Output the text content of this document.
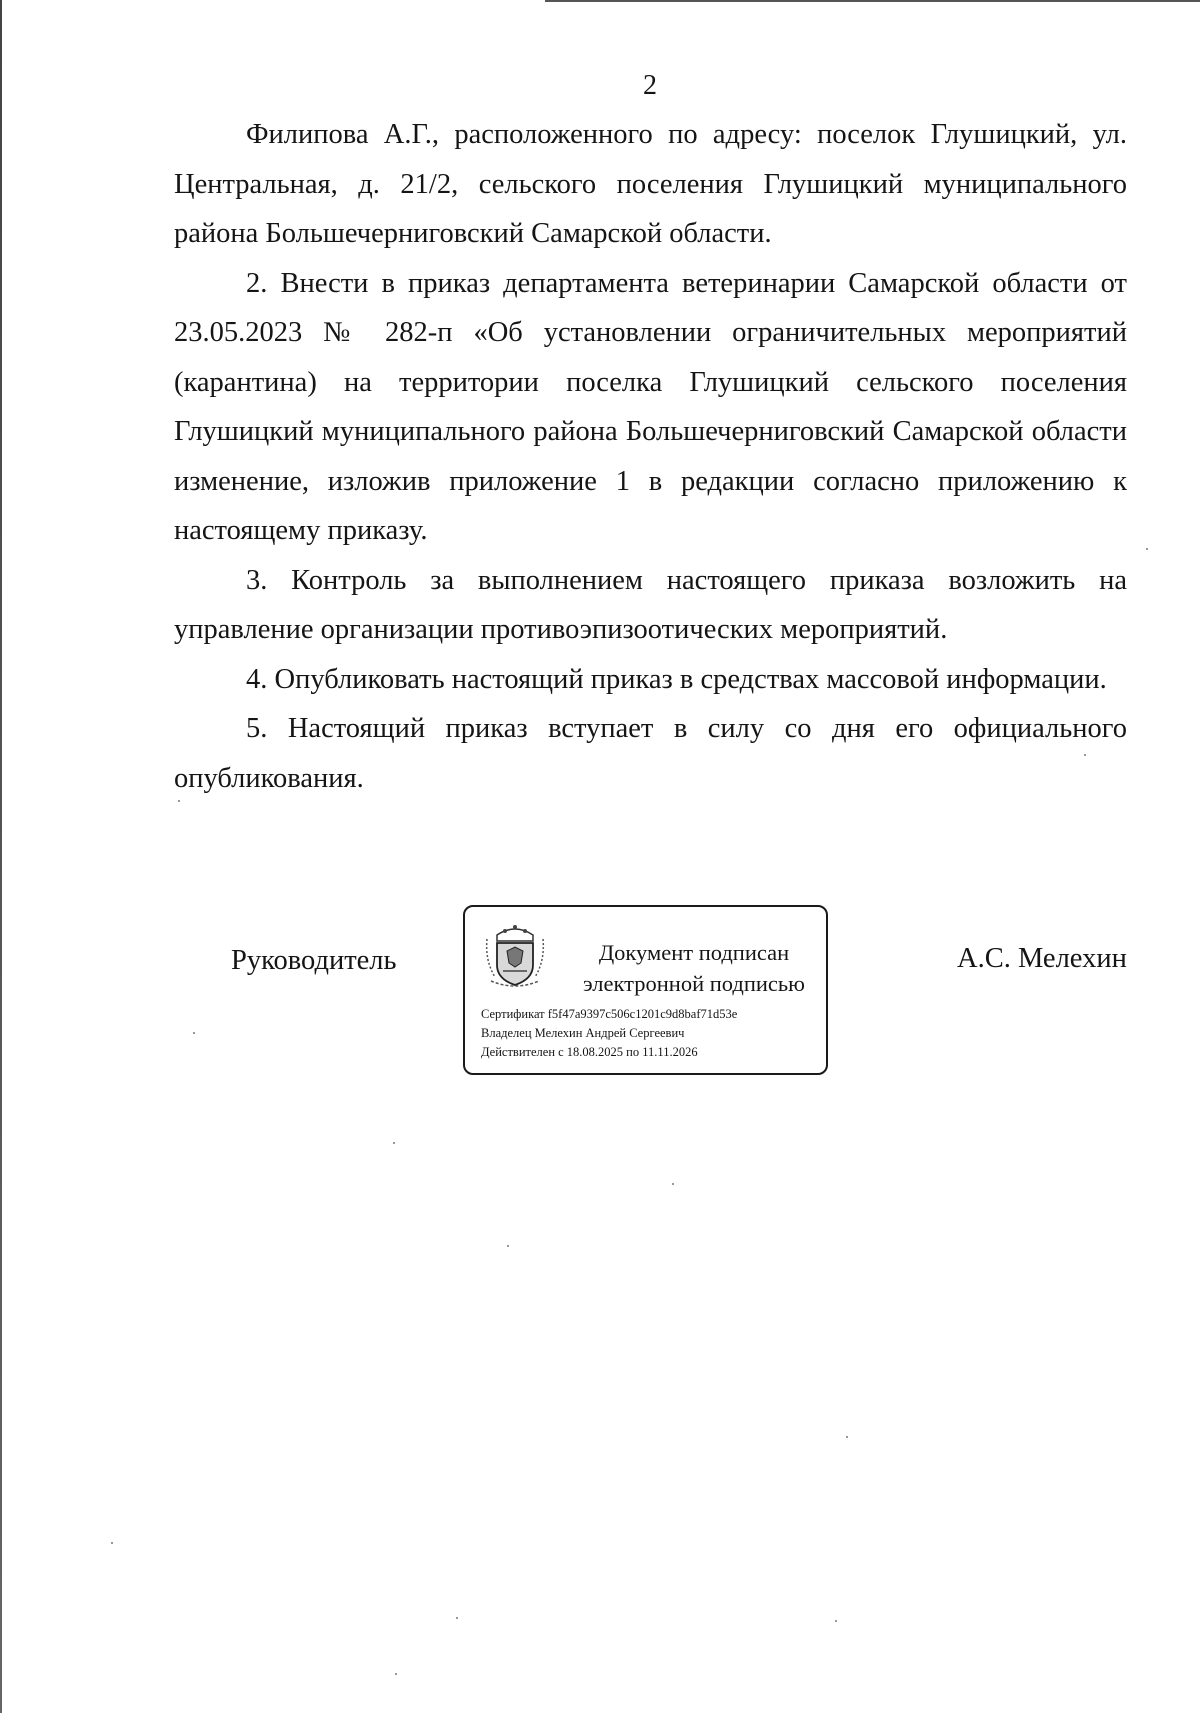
2

Филипова А.Г., расположенного по адресу: поселок Глушицкий, ул. Центральная, д. 21/2, сельского поселения Глушицкий муниципального района Большечерниговский Самарской области.

2. Внести в приказ департамента ветеринарии Самарской области от 23.05.2023 № 282-п «Об установлении ограничительных мероприятий (карантина) на территории поселка Глушицкий сельского поселения Глушицкий муниципального района Большечерниговский Самарской области изменение, изложив приложение 1 в редакции согласно приложению к настоящему приказу.

3. Контроль за выполнением настоящего приказа возложить на управление организации противоэпизоотических мероприятий.

4. Опубликовать настоящий приказ в средствах массовой информации.

5. Настоящий приказ вступает в силу со дня его официального опубликования.

Руководитель	Документ подписан
электронной подписью
Сертификат f5f47a9397c506c1201c9d8baf71d53e
Владелец Мелехин Андрей Сергеевич
Действителен с 18.08.2025 по 11.11.2026
А.С. Мелехин
